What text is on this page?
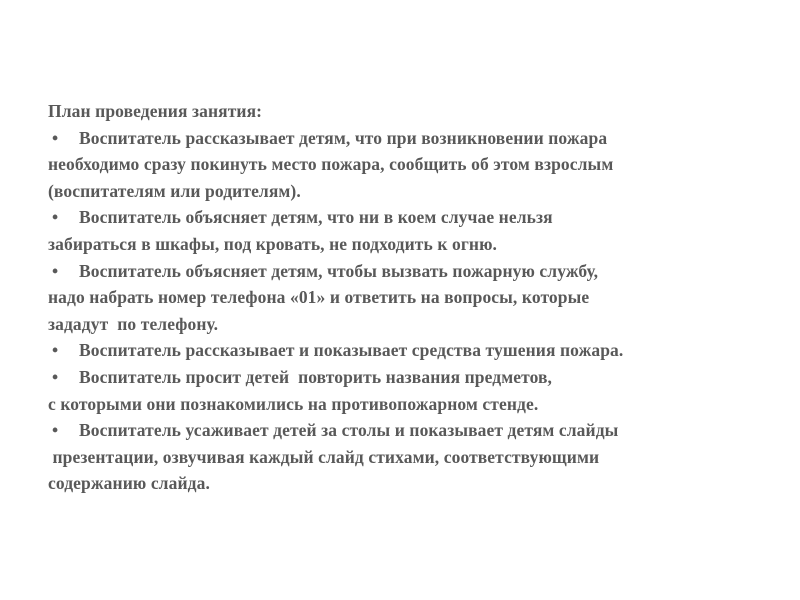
План проведения занятия:
• Воспитатель рассказывает детям, что при возникновении пожара
необходимо сразу покинуть место пожара, сообщить об этом взрослым
(воспитателям или родителям).
• Воспитатель объясняет детям, что ни в коем случае нельзя
забираться в шкафы, под кровать, не подходить к огню.
• Воспитатель объясняет детям, чтобы вызвать пожарную службу,
надо набрать номер телефона «01» и ответить на вопросы, которые
зададут  по телефону.
• Воспитатель рассказывает и показывает средства тушения пожара.
• Воспитатель просит детей  повторить названия предметов,
с которыми они познакомились на противопожарном стенде.
• Воспитатель усаживает детей за столы и показывает детям слайды
презентации, озвучивая каждый слайд стихами, соответствующими
содержанию слайда.
